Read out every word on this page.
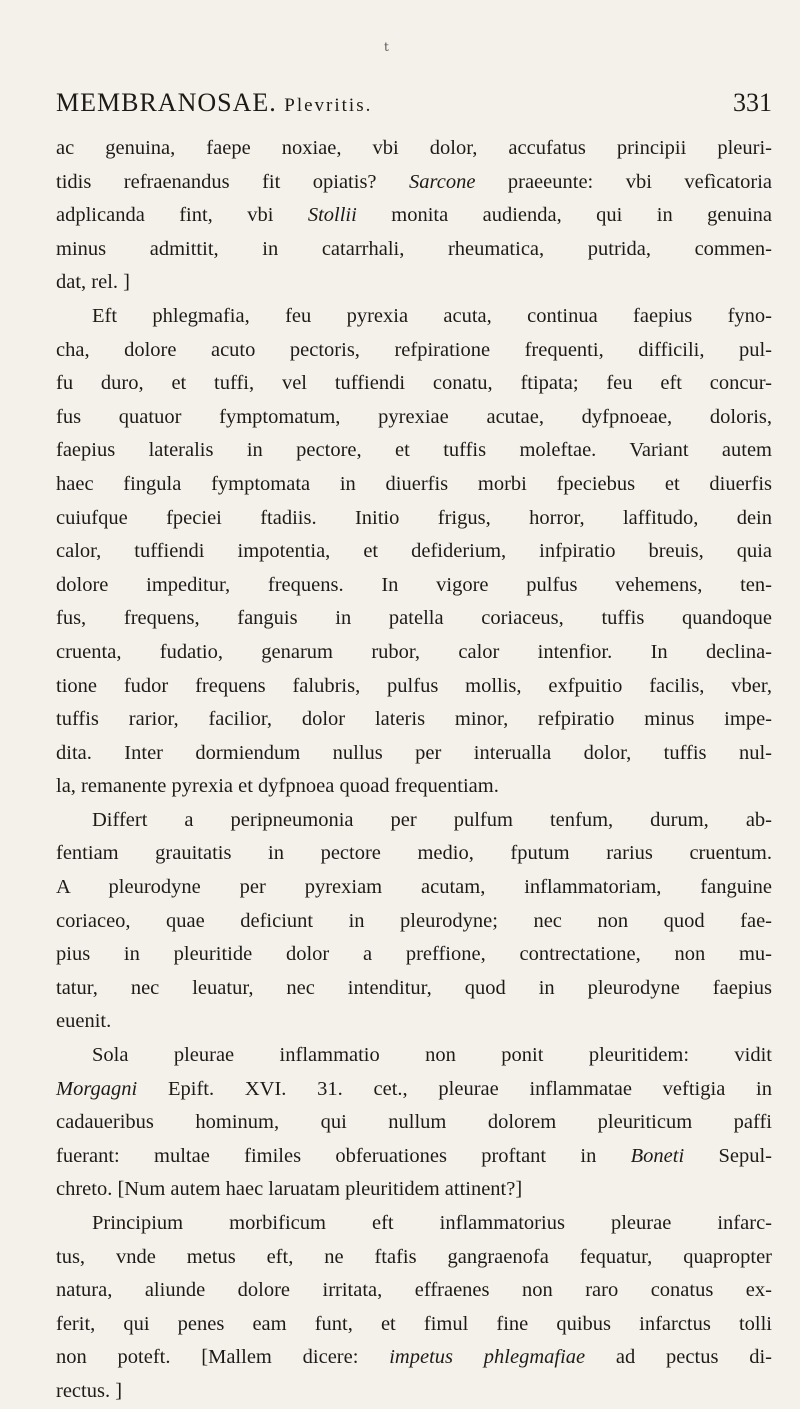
t
MEMBRANOSAE. Plevritis.	331

ac genuina, faepe noxiae, vbi dolor, accufatus principii pleuri-
tidis refraenandus fit opiatis? Sarcone praeeunte: vbi vefìcatoria
adplicanda fint, vbi Stollii monita audienda, qui in genuina
minus admittit, in catarrhali, rheumatica, putrida, commen-
dat, rel. ]

Eft phlegmafia, feu pyrexia acuta, continua faepius fyno-
cha, dolore acuto pectoris, refpiratione frequenti, difficili, pul-
fu duro, et tuffi, vel tuffiendi conatu, ftipata; feu eft concur-
fus quatuor fymptomatum, pyrexiae acutae, dyfpnoeae, doloris,
faepius lateralis in pectore, et tuffis moleftae. Variant autem
haec fingula fymptomata in diuerfis morbi fpeciebus et diuerfis
cuiufque fpeciei ftadiis. Initio frigus, horror, laffitudo, dein
calor, tuffiendi impotentia, et defiderium, infpiratio breuis, quia
dolore impeditur, frequens. In vigore pulfus vehemens, ten-
fus, frequens, fanguis in patella coriaceus, tuffis quandoque
cruenta, fudatio, genarum rubor, calor intenfior. In declina-
tione fudor frequens falubris, pulfus mollis, exfpuitio facilis, vber,
tuffis rarior, facilior, dolor lateris minor, refpiratio minus impe-
dita. Inter dormiendum nullus per interualla dolor, tuffis nul-
la, remanente pyrexia et dyfpnoea quoad frequentiam.

Differt a peripneumonia per pulfum tenfum, durum, ab-
fentiam grauitatis in pectore medio, fputum rarius cruentum.
A pleurodyne per pyrexiam acutam, inflammatoriam, fanguine
coriaceo, quae deficiunt in pleurodyne; nec non quod fae-
pius in pleuritide dolor a preffione, contrectatione, non mu-
tatur, nec leuatur, nec intenditur, quod in pleurodyne faepius
euenit.

Sola pleurae inflammatio non ponit pleuritidem: vidit
Morgagni Epift. XVI. 31. cet., pleurae inflammatae veftigia in
cadaueribus hominum, qui nullum dolorem pleuriticum paffi
fuerant: multae fimiles obferuationes proftant in Boneti Sepul-
chreto. [Num autem haec laruatam pleuritidem attinent?]

Principium morbificum eft inflammatorius pleurae infarc-
tus, vnde metus eft, ne ftafis gangraenofa fequatur, quapropter
natura, aliunde dolore irritata, effraenes non raro conatus ex-
ferit, qui penes eam funt, et fimul fine quibus infarctus tolli
non poteft. [Mallem dicere: impetus phlegmafiae ad pectus di-
rectus. ]
